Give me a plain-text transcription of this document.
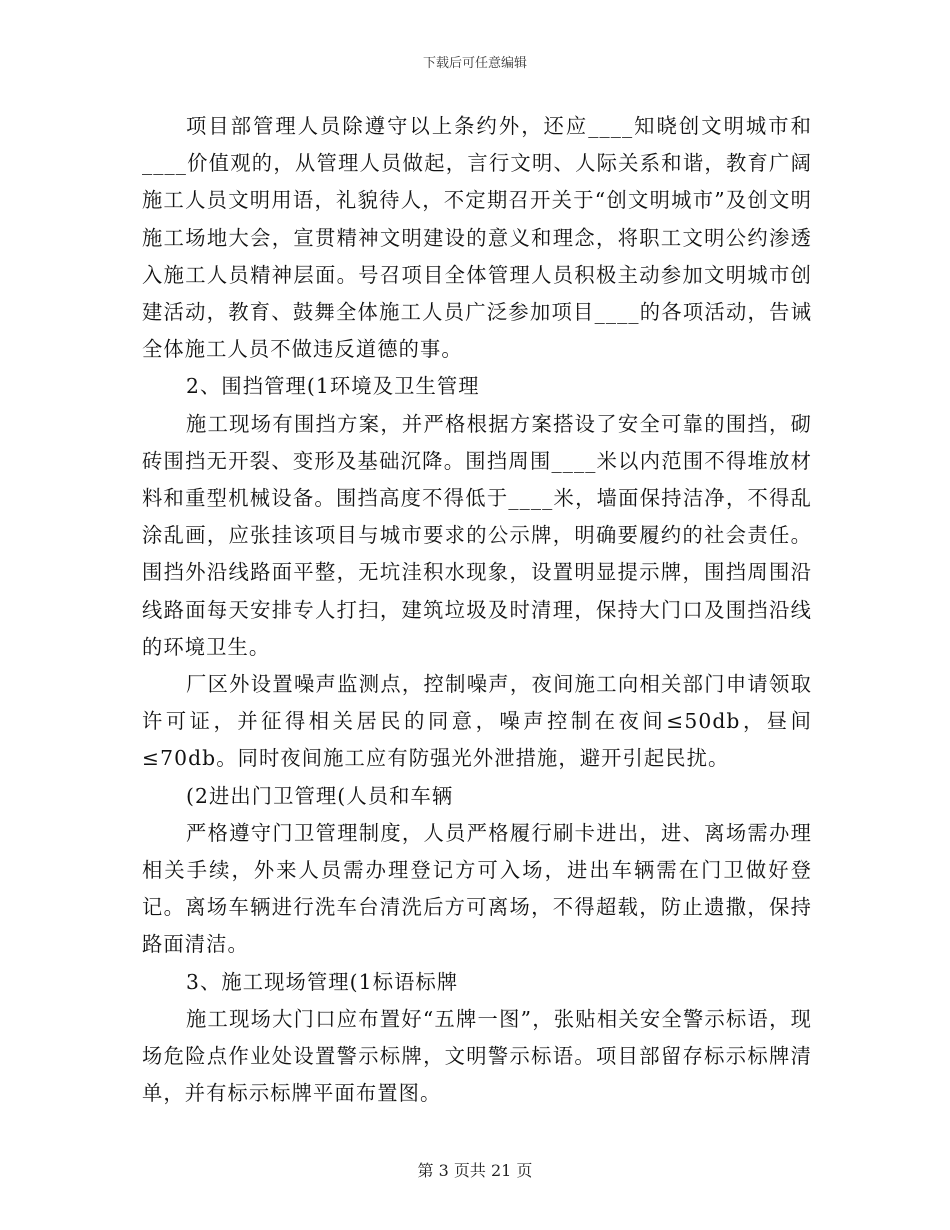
下载后可任意编辑

项目部管理人员除遵守以上条约外，还应____知晓创文明城市和____价值观的，从管理人员做起，言行文明、人际关系和谐，教育广阔施工人员文明用语，礼貌待人，不定期召开关于“创文明城市”及创文明施工场地大会，宣贯精神文明建设的意义和理念，将职工文明公约渗透入施工人员精神层面。号召项目全体管理人员积极主动参加文明城市创建活动，教育、鼓舞全体施工人员广泛参加项目____的各项活动，告诫全体施工人员不做违反道德的事。

2、围挡管理(1环境及卫生管理

施工现场有围挡方案，并严格根据方案搭设了安全可靠的围挡，砌砖围挡无开裂、变形及基础沉降。围挡周围____米以内范围不得堆放材料和重型机械设备。围挡高度不得低于____米，墙面保持洁净，不得乱涂乱画，应张挂该项目与城市要求的公示牌，明确要履约的社会责任。围挡外沿线路面平整，无坑洼积水现象，设置明显提示牌，围挡周围沿线路面每天安排专人打扫，建筑垃圾及时清理，保持大门口及围挡沿线的环境卫生。

厂区外设置噪声监测点，控制噪声，夜间施工向相关部门申请领取许可证，并征得相关居民的同意，噪声控制在夜间≤50db，昼间≤70db。同时夜间施工应有防强光外泄措施，避开引起民扰。

(2进出门卫管理(人员和车辆

严格遵守门卫管理制度，人员严格履行刷卡进出，进、离场需办理相关手续，外来人员需办理登记方可入场，进出车辆需在门卫做好登记。离场车辆进行洗车台清洗后方可离场，不得超载，防止遗撒，保持路面清洁。

3、施工现场管理(1标语标牌

施工现场大门口应布置好“五牌一图”，张贴相关安全警示标语，现场危险点作业处设置警示标牌，文明警示标语。项目部留存标示标牌清单，并有标示标牌平面布置图。

第 3 页共 21 页
